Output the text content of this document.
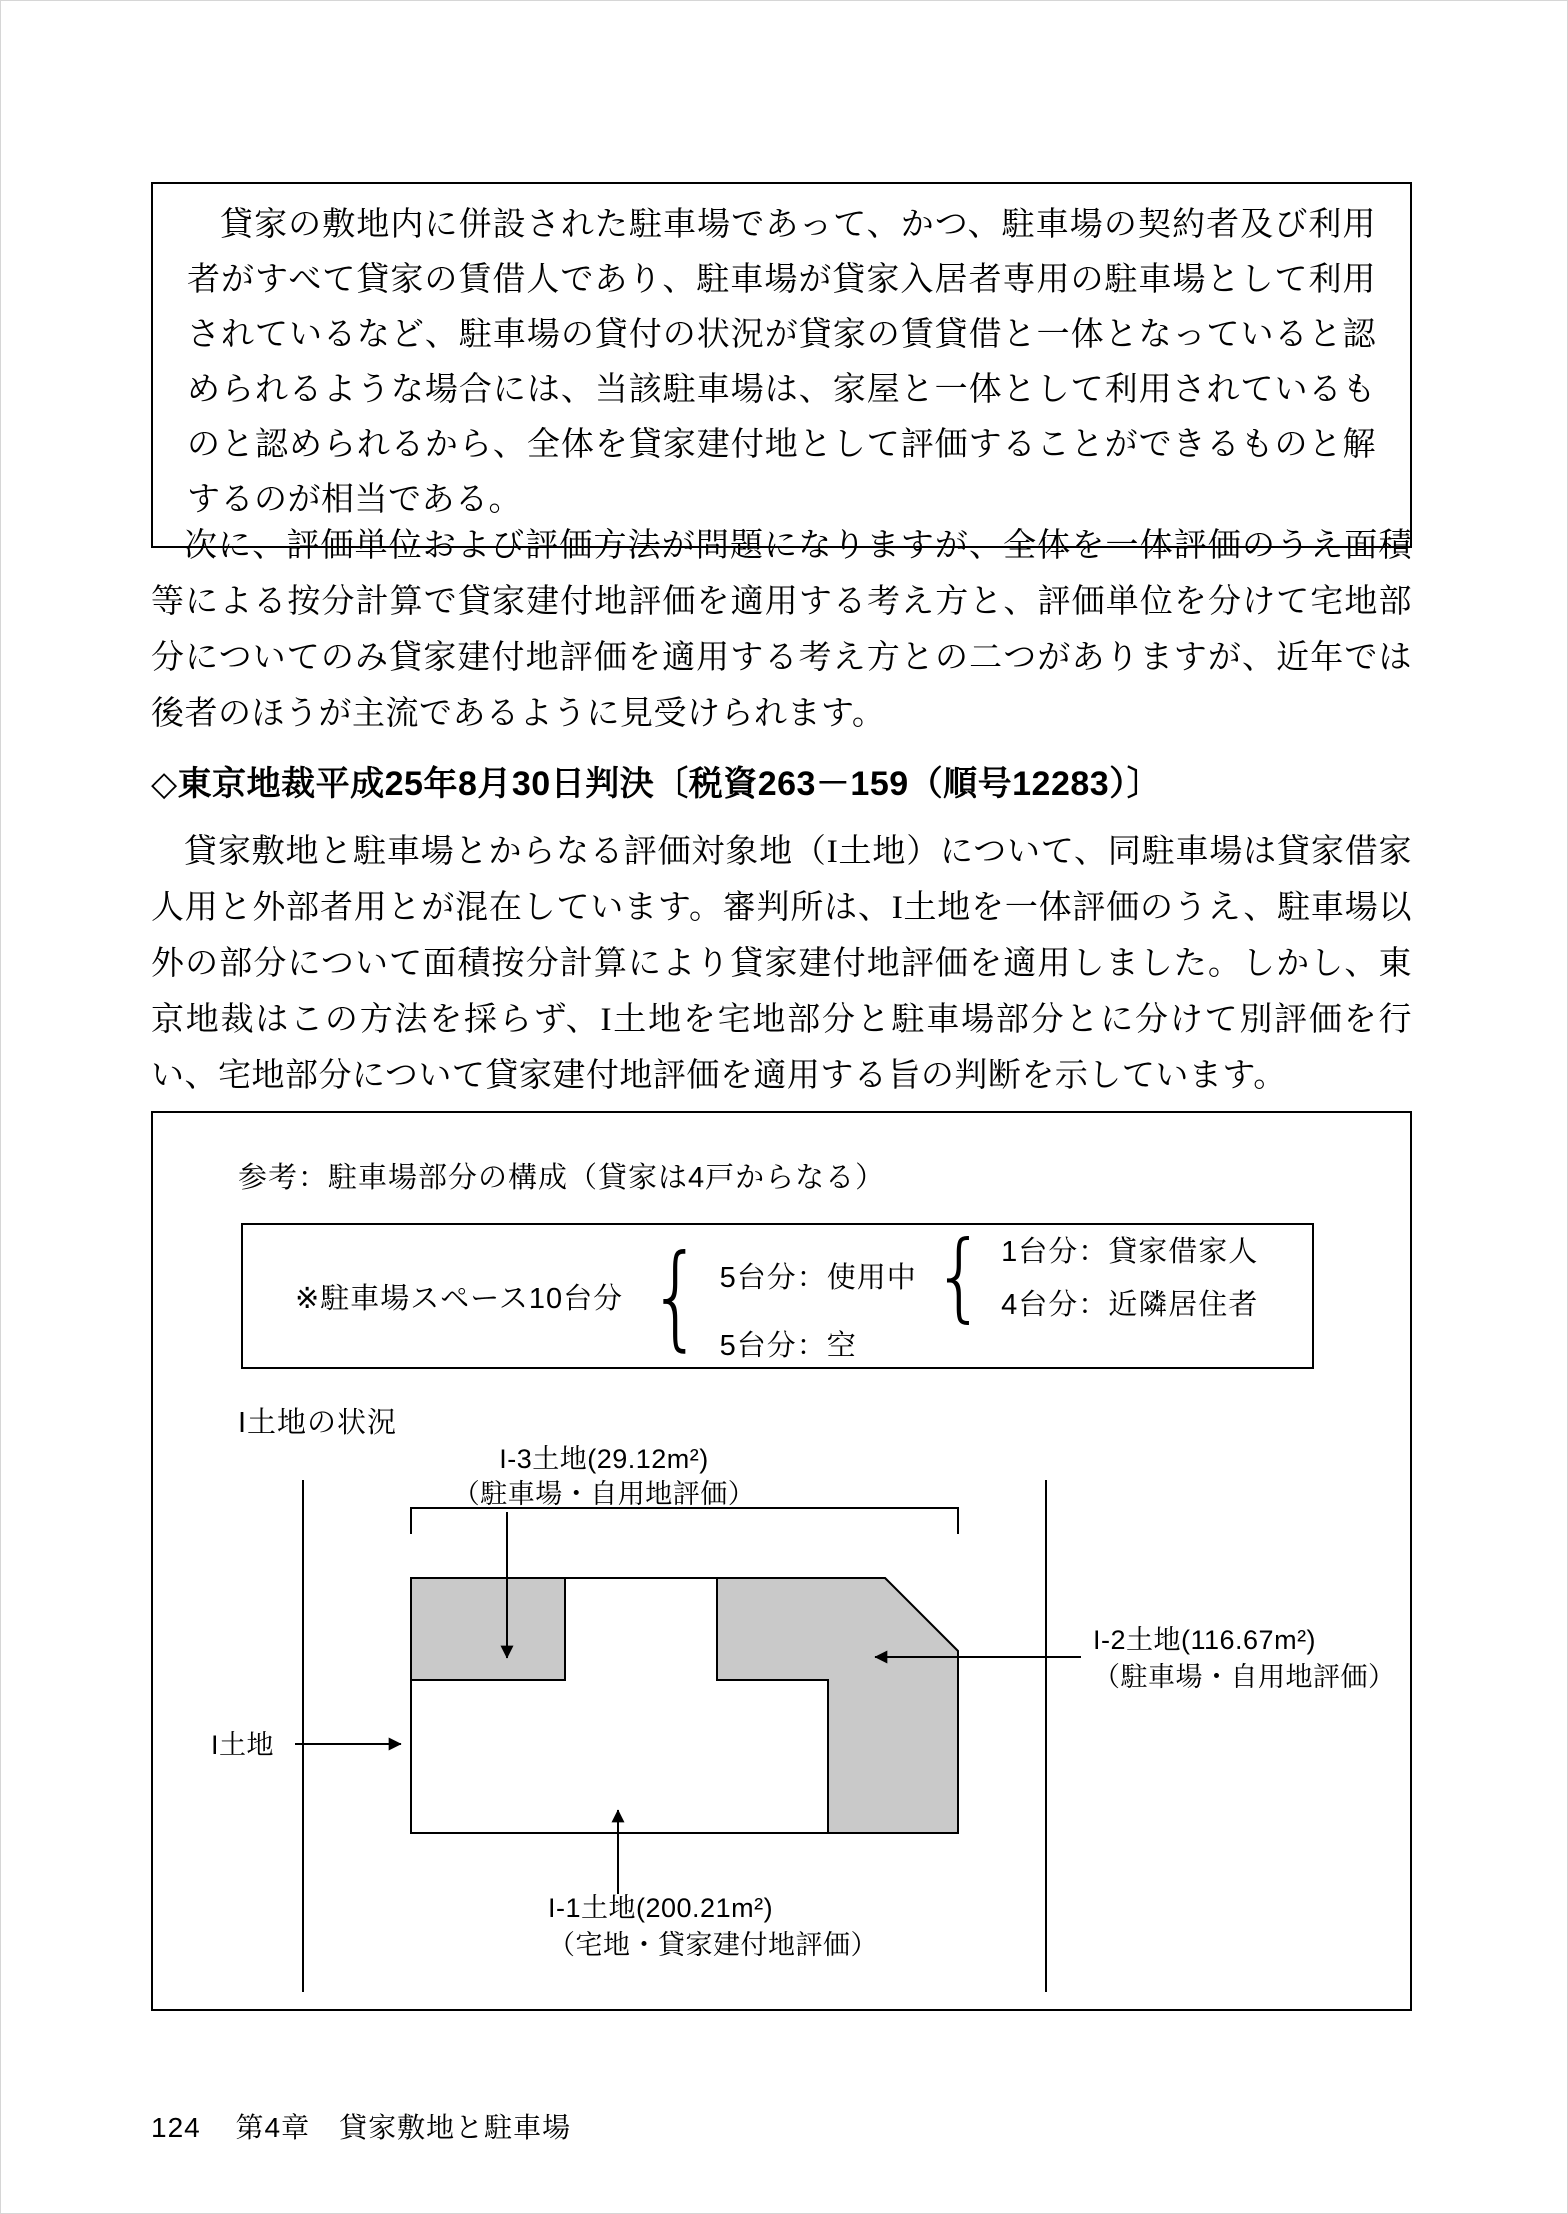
貸家の敷地内に併設された駐車場であって、かつ、駐車場の契約者及び利用者がすべて貸家の賃借人であり、駐車場が貸家入居者専用の駐車場として利用されているなど、駐車場の貸付の状況が貸家の賃貸借と一体となっていると認められるような場合には、当該駐車場は、家屋と一体として利用されているものと認められるから、全体を貸家建付地として評価することができるものと解するのが相当である。

次に、評価単位および評価方法が問題になりますが、全体を一体評価のうえ面積等による按分計算で貸家建付地評価を適用する考え方と、評価単位を分けて宅地部分についてのみ貸家建付地評価を適用する考え方との二つがありますが、近年では後者のほうが主流であるように見受けられます。

◇東京地裁平成25年8月30日判決〔税資263－159（順号12283）〕

貸家敷地と駐車場とからなる評価対象地（I土地）について、同駐車場は貸家借家人用と外部者用とが混在しています。審判所は、I土地を一体評価のうえ、駐車場以外の部分について面積按分計算により貸家建付地評価を適用しました。しかし、東京地裁はこの方法を採らず、I土地を宅地部分と駐車場部分とに分けて別評価を行い、宅地部分について貸家建付地評価を適用する旨の判断を示しています。

参考：駐車場部分の構成（貸家は4戸からなる）
※駐車場スペース10台分 { 5台分：使用中 { 1台分：貸家借家人
4台分：近隣居住者
5台分：空
I土地の状況
I-3土地(29.12m²)
（駐車場・自用地評価）
I-2土地(116.67m²)
（駐車場・自用地評価）
I土地
I-1土地(200.21m²)
（宅地・貸家建付地評価）
124 第4章　貸家敷地と駐車場
